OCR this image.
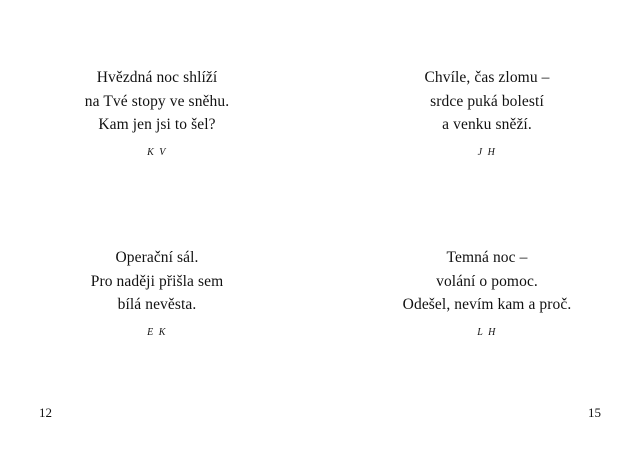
Hvězdná noc shlíží
na Tvé stopy ve sněhu.
Kam jen jsi to šel?
K V
Chvíle, čas zlomu –
srdce puká bolestí
a venku sněží.
J H
Operační sál.
Pro naději přišla sem
bílá nevěsta.
E K
Temná noc –
volání o pomoc.
Odešel, nevím kam a proč.
L H
12	15
